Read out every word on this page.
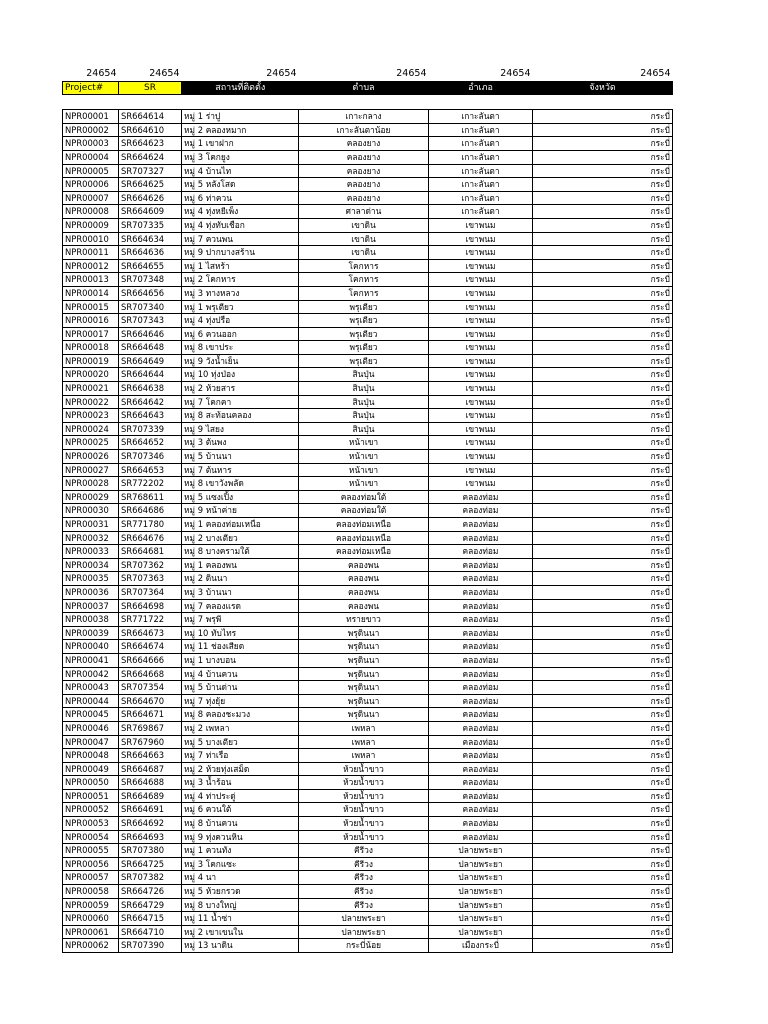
24654	24654	24654	24654	24654	24654
Project#	SR	สถานที่ติดตั้ง	ตำบล	อำเภอ	จังหวัด

NPR00001	SR664614	หมู่ 1 ร่าปู	เกาะกลาง	เกาะลันตา	กระบี่
NPR00002	SR664610	หมู่ 2 คลองหมาก	เกาะลันตาน้อย	เกาะลันตา	กระบี่
NPR00003	SR664623	หมู่ 1 เขาฝาก	คลองยาง	เกาะลันตา	กระบี่
NPR00004	SR664624	หมู่ 3 โคกยูง	คลองยาง	เกาะลันตา	กระบี่
NPR00005	SR707327	หมู่ 4 บ้านไท	คลองยาง	เกาะลันตา	กระบี่
NPR00006	SR664625	หมู่ 5 หลังโสด	คลองยาง	เกาะลันตา	กระบี่
NPR00007	SR664626	หมู่ 6 ท่าควน	คลองยาง	เกาะลันตา	กระบี่
NPR00008	SR664609	หมู่ 4 ทุ่งหยีเพ็ง	ศาลาด่าน	เกาะลันตา	กระบี่
NPR00009	SR707335	หมู่ 4 ทุ่งทับเชือก	เขาดิน	เขาพนม	กระบี่
NPR00010	SR664634	หมู่ 7 ควนพน	เขาดิน	เขาพนม	กระบี่
NPR00011	SR664636	หมู่ 9 ปากบางสร้าน	เขาดิน	เขาพนม	กระบี่
NPR00012	SR664655	หมู่ 1 ไสหร้า	โคกหาร	เขาพนม	กระบี่
NPR00013	SR707348	หมู่ 2 โคกหาร	โคกหาร	เขาพนม	กระบี่
NPR00014	SR664656	หมู่ 3 ทางหลวง	โคกหาร	เขาพนม	กระบี่
NPR00015	SR707340	หมู่ 1 พรุเตียว	พรุเตียว	เขาพนม	กระบี่
NPR00016	SR707343	หมู่ 4 ทุ่งปรือ	พรุเตียว	เขาพนม	กระบี่
NPR00017	SR664646	หมู่ 6 ควนออก	พรุเตียว	เขาพนม	กระบี่
NPR00018	SR664648	หมู่ 8 เขาประ	พรุเตียว	เขาพนม	กระบี่
NPR00019	SR664649	หมู่ 9 วังน้ำเย็น	พรุเตียว	เขาพนม	กระบี่
NPR00020	SR664644	หมู่ 10 ทุ่งป่อง	สินปุ่น	เขาพนม	กระบี่
NPR00021	SR664638	หมู่ 2 ห้วยสาร	สินปุ่น	เขาพนม	กระบี่
NPR00022	SR664642	หมู่ 7 โคกคา	สินปุ่น	เขาพนม	กระบี่
NPR00023	SR664643	หมู่ 8 สะท้อนคลอง	สินปุ่น	เขาพนม	กระบี่
NPR00024	SR707339	หมู่ 9 ไสยง	สินปุ่น	เขาพนม	กระบี่
NPR00025	SR664652	หมู่ 3 ต้นพง	หน้าเขา	เขาพนม	กระบี่
NPR00026	SR707346	หมู่ 5 บ้านนา	หน้าเขา	เขาพนม	กระบี่
NPR00027	SR664653	หมู่ 7 ต้นหาร	หน้าเขา	เขาพนม	กระบี่
NPR00028	SR772202	หมู่ 8 เขาวังพลัด	หน้าเขา	เขาพนม	กระบี่
NPR00029	SR768611	หมู่ 5 แซงเปิ้ง	คลองท่อมใต้	คลองท่อม	กระบี่
NPR00030	SR664686	หมู่ 9 หน้าค่าย	คลองท่อมใต้	คลองท่อม	กระบี่
NPR00031	SR771780	หมู่ 1 คลองท่อมเหนือ	คลองท่อมเหนือ	คลองท่อม	กระบี่
NPR00032	SR664676	หมู่ 2 บางเตียว	คลองท่อมเหนือ	คลองท่อม	กระบี่
NPR00033	SR664681	หมู่ 8 บางครามใต้	คลองท่อมเหนือ	คลองท่อม	กระบี่
NPR00034	SR707362	หมู่ 1 คลองพน	คลองพน	คลองท่อม	กระบี่
NPR00035	SR707363	หมู่ 2 ดินนา	คลองพน	คลองท่อม	กระบี่
NPR00036	SR707364	หมู่ 3 บ้านนา	คลองพน	คลองท่อม	กระบี่
NPR00037	SR664698	หมู่ 7 คลองแรด	คลองพน	คลองท่อม	กระบี่
NPR00038	SR771722	หมู่ 7 พรุพี	ทรายขาว	คลองท่อม	กระบี่
NPR00039	SR664673	หมู่ 10 ทับไทร	พรุดินนา	คลองท่อม	กระบี่
NPR00040	SR664674	หมู่ 11 ช่องเสียด	พรุดินนา	คลองท่อม	กระบี่
NPR00041	SR664666	หมู่ 1 บางบอน	พรุดินนา	คลองท่อม	กระบี่
NPR00042	SR664668	หมู่ 4 บ้านควน	พรุดินนา	คลองท่อม	กระบี่
NPR00043	SR707354	หมู่ 5 บ้านด่าน	พรุดินนา	คลองท่อม	กระบี่
NPR00044	SR664670	หมู่ 7 ทุ่งยุ้ย	พรุดินนา	คลองท่อม	กระบี่
NPR00045	SR664671	หมู่ 8 คลองชะมวง	พรุดินนา	คลองท่อม	กระบี่
NPR00046	SR769867	หมู่ 2 เพหลา	เพหลา	คลองท่อม	กระบี่
NPR00047	SR767960	หมู่ 5 บางเตียว	เพหลา	คลองท่อม	กระบี่
NPR00048	SR664663	หมู่ 7 ท่าเรือ	เพหลา	คลองท่อม	กระบี่
NPR00049	SR664687	หมู่ 2 ห้วยทุ่งเสม็ด	ห้วยน้ำขาว	คลองท่อม	กระบี่
NPR00050	SR664688	หมู่ 3 น้ำร้อน	ห้วยน้ำขาว	คลองท่อม	กระบี่
NPR00051	SR664689	หมู่ 4 ท่าประดู่	ห้วยน้ำขาว	คลองท่อม	กระบี่
NPR00052	SR664691	หมู่ 6 ควนใต้	ห้วยน้ำขาว	คลองท่อม	กระบี่
NPR00053	SR664692	หมู่ 8 บ้านควน	ห้วยน้ำขาว	คลองท่อม	กระบี่
NPR00054	SR664693	หมู่ 9 ทุ่งควนหิน	ห้วยน้ำขาว	คลองท่อม	กระบี่
NPR00055	SR707380	หมู่ 1 ควนทัง	คีรีวง	ปลายพระยา	กระบี่
NPR00056	SR664725	หมู่ 3 โคกแซะ	คีรีวง	ปลายพระยา	กระบี่
NPR00057	SR707382	หมู่ 4 นา	คีรีวง	ปลายพระยา	กระบี่
NPR00058	SR664726	หมู่ 5 ห้วยกรวด	คีรีวง	ปลายพระยา	กระบี่
NPR00059	SR664729	หมู่ 8 บางใหญ่	คีรีวง	ปลายพระยา	กระบี่
NPR00060	SR664715	หมู่ 11 น้ำซ่า	ปลายพระยา	ปลายพระยา	กระบี่
NPR00061	SR664710	หมู่ 2 เขาเขนใน	ปลายพระยา	ปลายพระยา	กระบี่
NPR00062	SR707390	หมู่ 13 นาดิน	กระบี่น้อย	เมืองกระบี่	กระบี่
